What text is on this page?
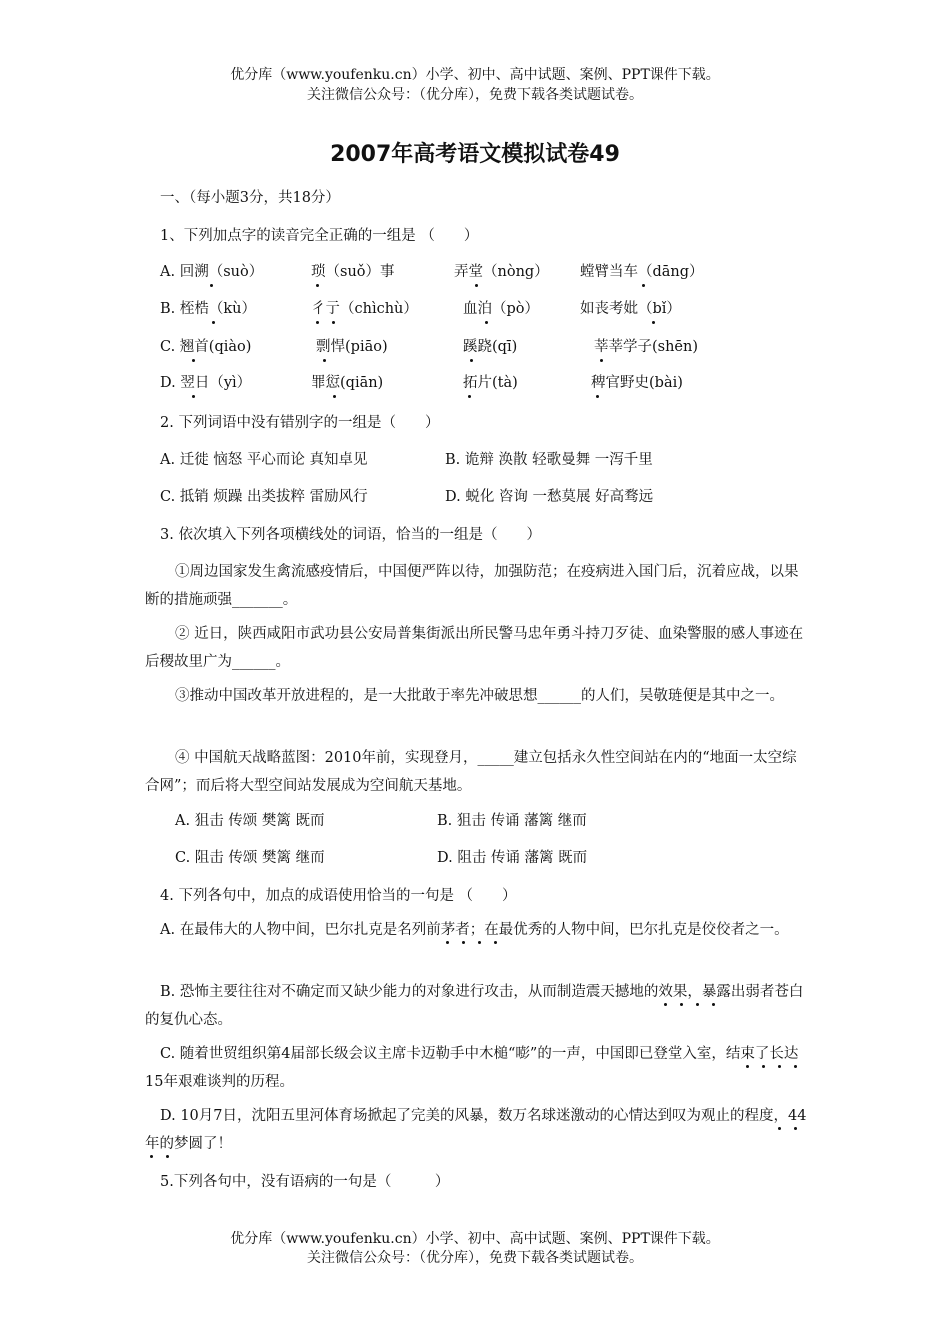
优分库（www.youfenku.cn）小学、初中、高中试题、案例、PPT课件下载。
关注微信公众号：（优分库），免费下载各类试题试卷。
2007年高考语文模拟试卷49
一、（每小题3分，共18分）
1、下列加点字的读音完全正确的一组是 （　　）
A. 回溯（suò）	琐（suǒ）事	弄堂（nòng） 螳臂当车（dāng）
B. 桎梏（kù）	彳亍（chìchù）	血泊（pò）	如丧考妣（bǐ）
C. 翘首(qiào)	剽悍(piāo)	蹊跷(qī)	莘莘学子(shēn)
D. 翌日（yì）	罪愆(qiān)	拓片(tà)	稗官野史(bài)
2. 下列词语中没有错别字的一组是（　　）
A. 迁徙 恼怒 平心而论 真知卓见	B. 诡辩 涣散 轻歌曼舞 一泻千里
C. 抵销 烦躁 出类拔粹 雷励风行	D. 蜕化 咨询 一愁莫展 好高骛远
3. 依次填入下列各项横线处的词语，恰当的一组是（　　）
①周边国家发生禽流感疫情后，中国便严阵以待，加强防范；在疫病进入国门后，沉着应战，以果断的措施顽强_______。
② 近日，陕西咸阳市武功县公安局普集街派出所民警马忠年勇斗持刀歹徒、血染警服的感人事迹在后稷故里广为______。
③推动中国改革开放进程的，是一大批敢于率先冲破思想______的人们，吴敬琏便是其中之一。
④ 中国航天战略蓝图：2010年前，实现登月，_____建立包括永久性空间站在内的“地面一太空综合网”；而后将大型空间站发展成为空间航天基地。
A. 狙击 传颂 樊篱 既而	B. 狙击 传诵 藩篱 继而
C. 阻击 传颂 樊篱 继而	D. 阻击 传诵 藩篱 既而
4. 下列各句中，加点的成语使用恰当的一句是 （　　）
A. 在最伟大的人物中间，巴尔扎克是名列前茅者；在最优秀的人物中间，巴尔扎克是佼佼者之一。
B. 恐怖主要往往对不确定而又缺少能力的对象进行攻击，从而制造震天撼地的效果，暴露出弱者苍白的复仇心态。
C. 随着世贸组织第4届部长级会议主席卡迈勒手中木槌“嘭”的一声，中国即已登堂入室，结束了长达15年艰难谈判的历程。
D. 10月7日，沈阳五里河体育场掀起了完美的风暴，数万名球迷激动的心情达到叹为观止的程度，44年的梦圆了！
5.下列各句中，没有语病的一句是（　　　）
优分库（www.youfenku.cn）小学、初中、高中试题、案例、PPT课件下载。
关注微信公众号：（优分库），免费下载各类试题试卷。
